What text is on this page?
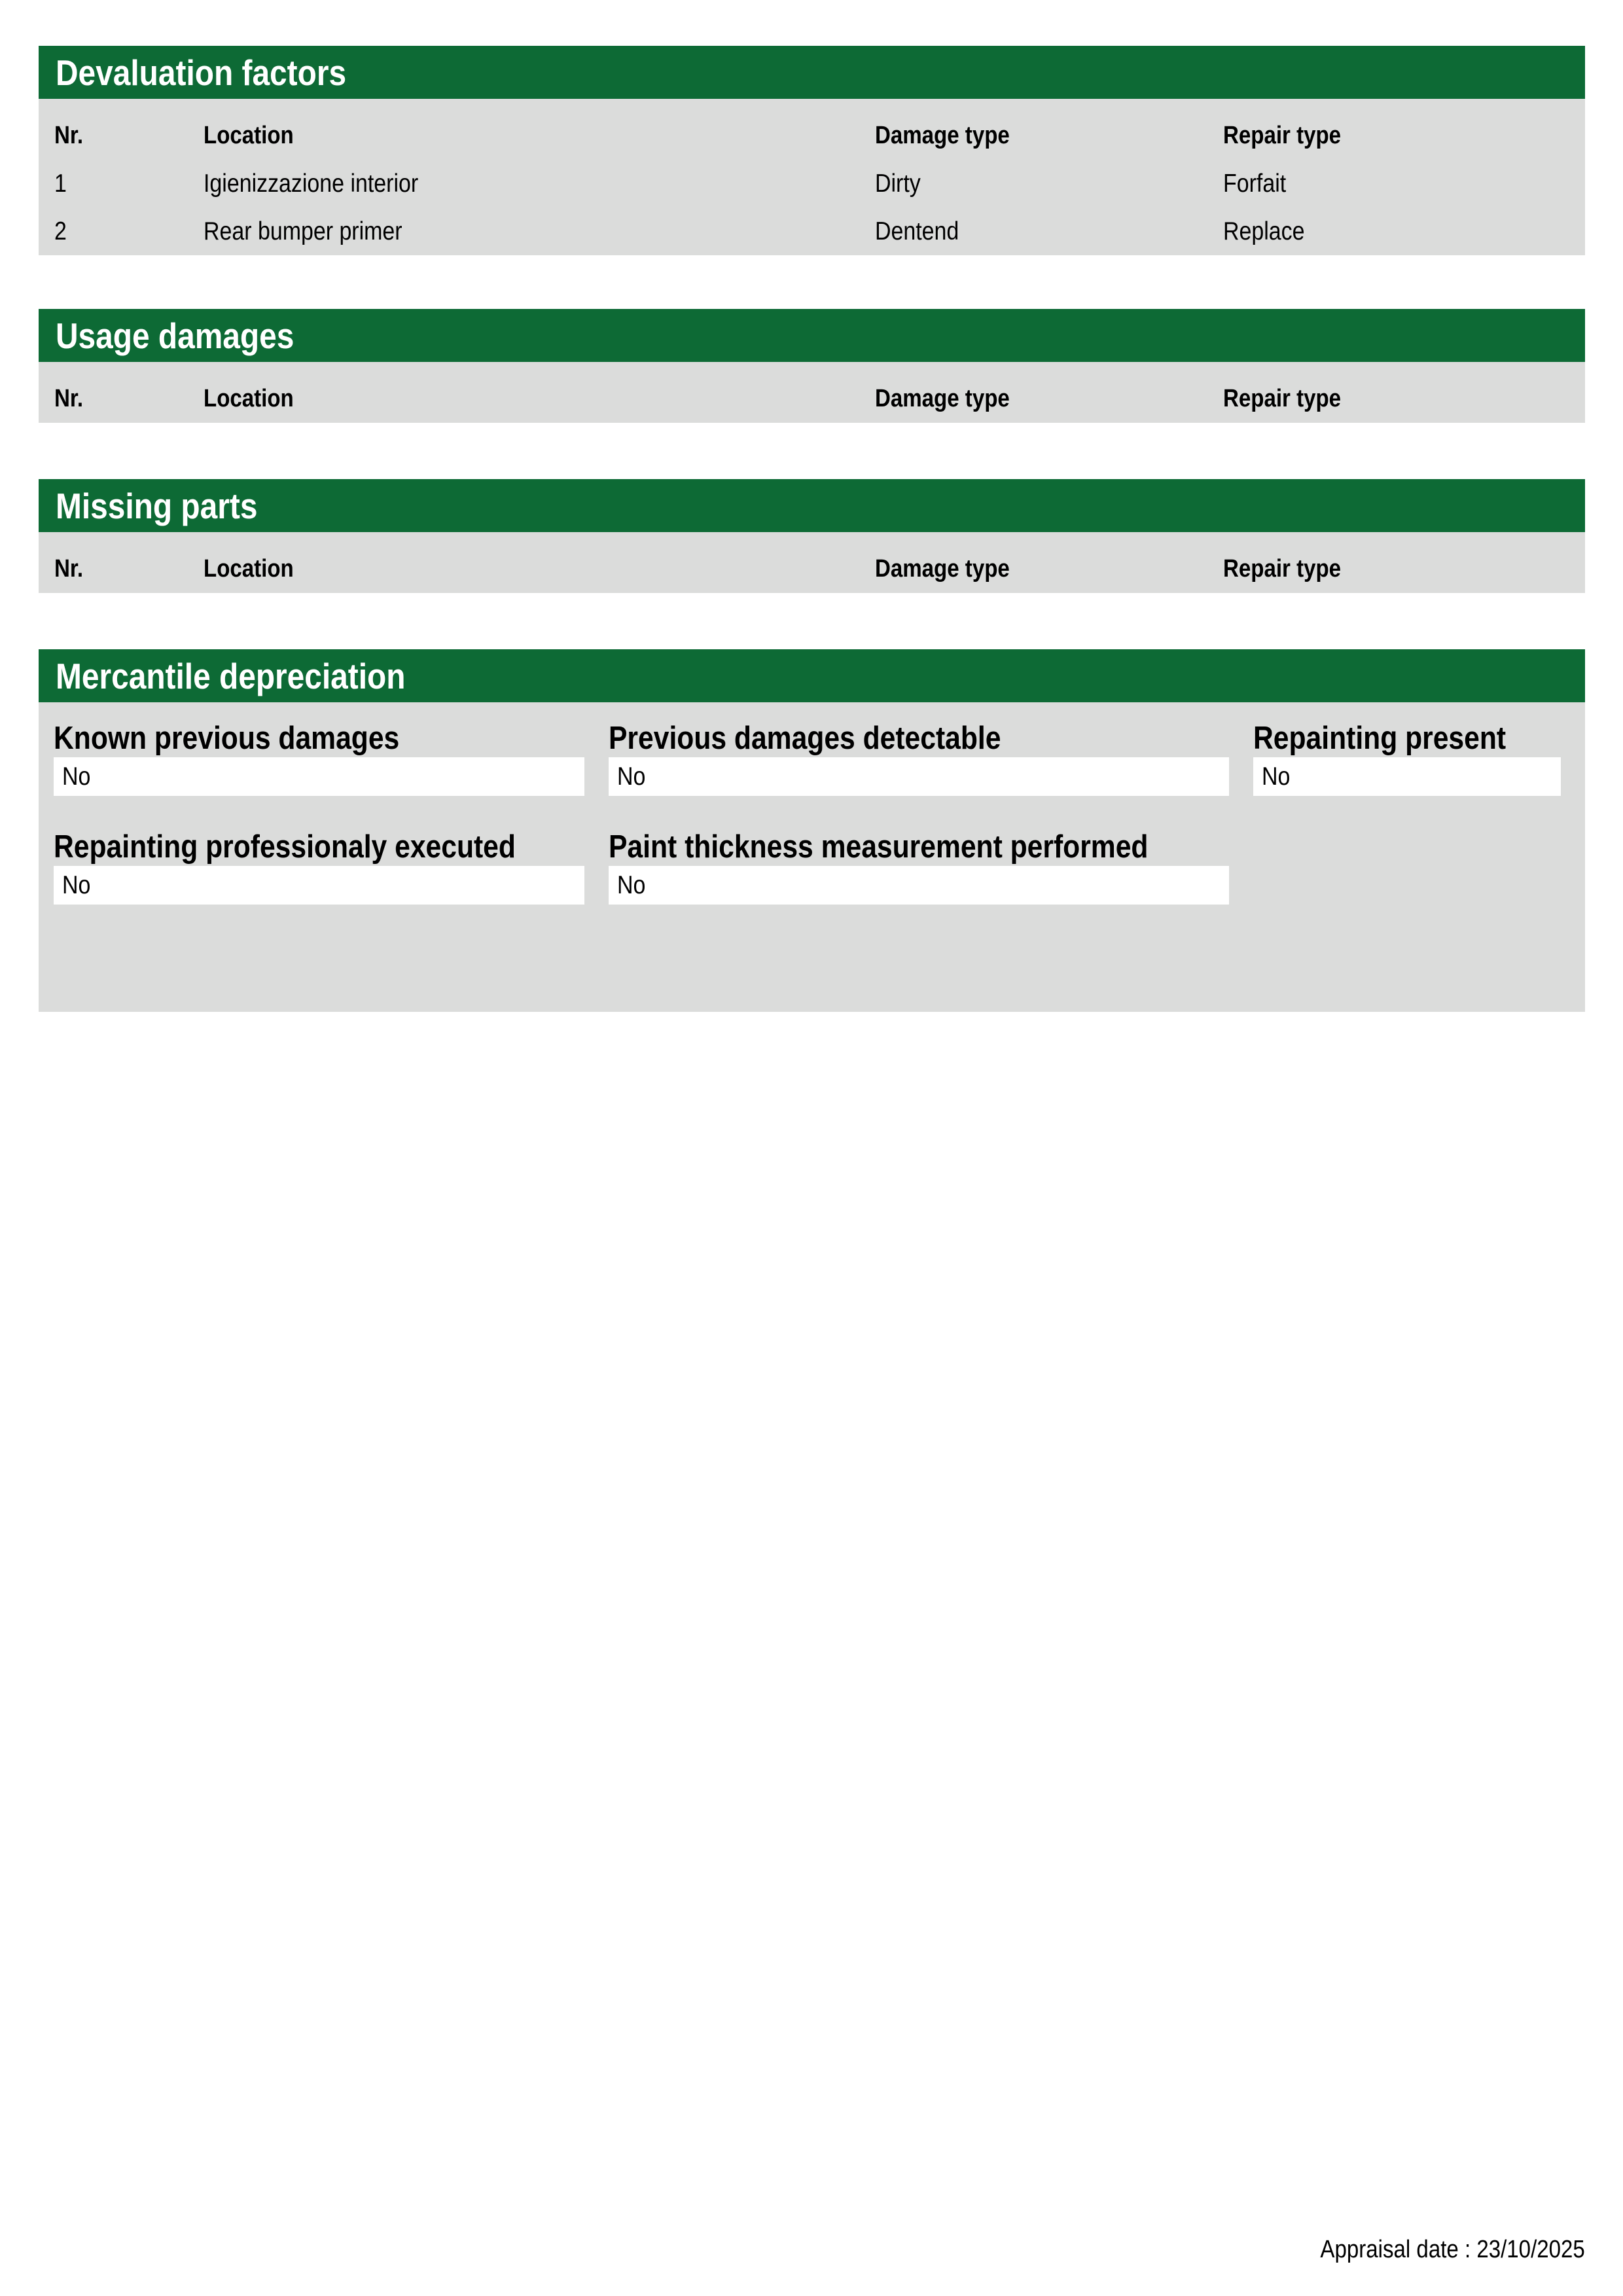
Devaluation factors
Nr.	Location	Damage type	Repair type
1	Igienizzazione interior	Dirty	Forfait
2	Rear bumper primer	Dentend	Replace
Usage damages
Nr.	Location	Damage type	Repair type
Missing parts
Nr.	Location	Damage type	Repair type
Mercantile depreciation
Known previous damages
No
Previous damages detectable
No
Repainting present
No
Repainting professionaly executed
No
Paint thickness measurement performed
No
Appraisal date : 23/10/2025
